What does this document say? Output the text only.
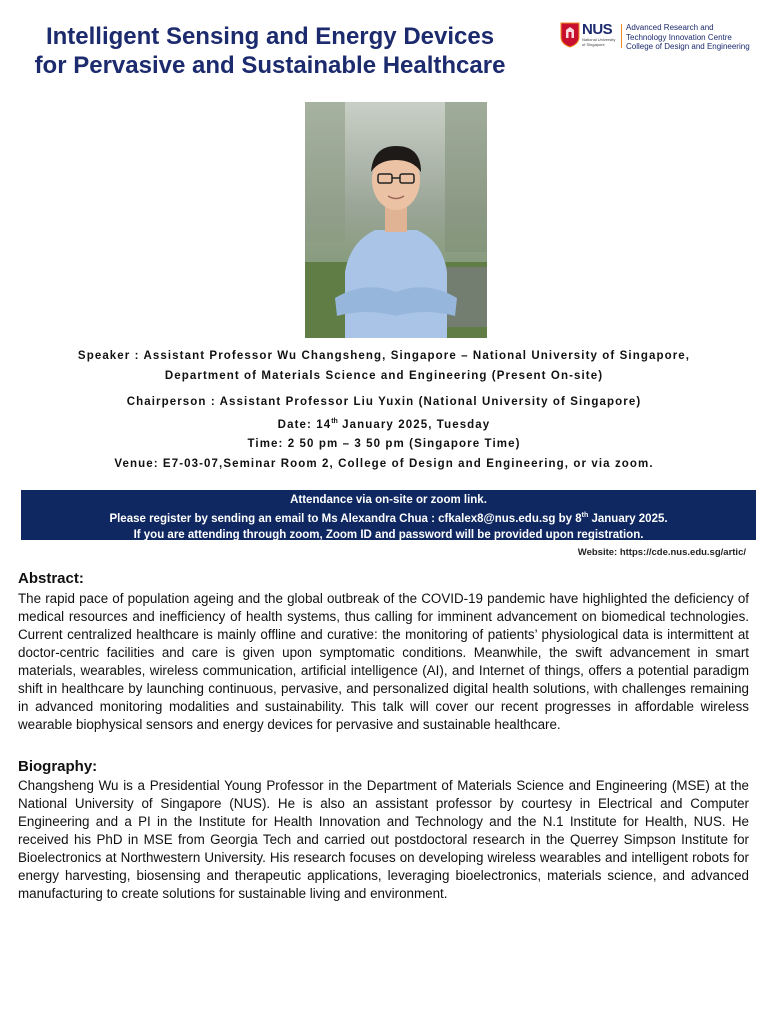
Intelligent Sensing and Energy Devices
for Pervasive and Sustainable Healthcare
NUS
National University of Singapore
Advanced Research and
Technology Innovation Centre
College of Design and Engineering

Speaker : Assistant Professor Wu Changsheng, Singapore – National University of Singapore,

Department of Materials Science and Engineering (Present On-site)

Chairperson : Assistant Professor Liu Yuxin (National University of Singapore)

Date: 14th January 2025, Tuesday

Time: 2 50 pm – 3 50 pm (Singapore Time)

Venue: E7-03-07,Seminar Room 2, College of Design and Engineering, or via zoom.

Attendance via on-site or zoom link.
Please register by sending an email to Ms Alexandra Chua : cfkalex8@nus.edu.sg by 8th January 2025.
If you are attending through zoom, Zoom ID and password will be provided upon registration.
Website: https://cde.nus.edu.sg/artic/
Abstract:

The rapid pace of population ageing and the global outbreak of the COVID-19 pandemic have highlighted the deficiency of medical resources and inefficiency of health systems, thus calling for imminent advancement on biomedical technologies. Current centralized healthcare is mainly offline and curative: the monitoring of patients’ physiological data is intermittent at doctor-centric facilities and care is given upon symptomatic conditions. Meanwhile, the swift advancement in smart materials, wearables, wireless communication, artificial intelligence (AI), and Internet of things, offers a potential paradigm shift in healthcare by launching continuous, pervasive, and personalized digital health solutions, with challenges remaining in advanced monitoring modalities and sustainability. This talk will cover our recent progresses in affordable wireless wearable biophysical sensors and energy devices for pervasive and sustainable healthcare.

Biography:

Changsheng Wu is a Presidential Young Professor in the Department of Materials Science and Engineering (MSE) at the National University of Singapore (NUS). He is also an assistant professor by courtesy in Electrical and Computer Engineering and a PI in the Institute for Health Innovation and Technology and the N.1 Institute for Health, NUS. He received his PhD in MSE from Georgia Tech and carried out postdoctoral research in the Querrey Simpson Institute for Bioelectronics at Northwestern University. His research focuses on developing wireless wearables and intelligent robots for energy harvesting, biosensing and therapeutic applications, leveraging bioelectronics, materials science, and advanced manufacturing to create solutions for sustainable living and environment.
